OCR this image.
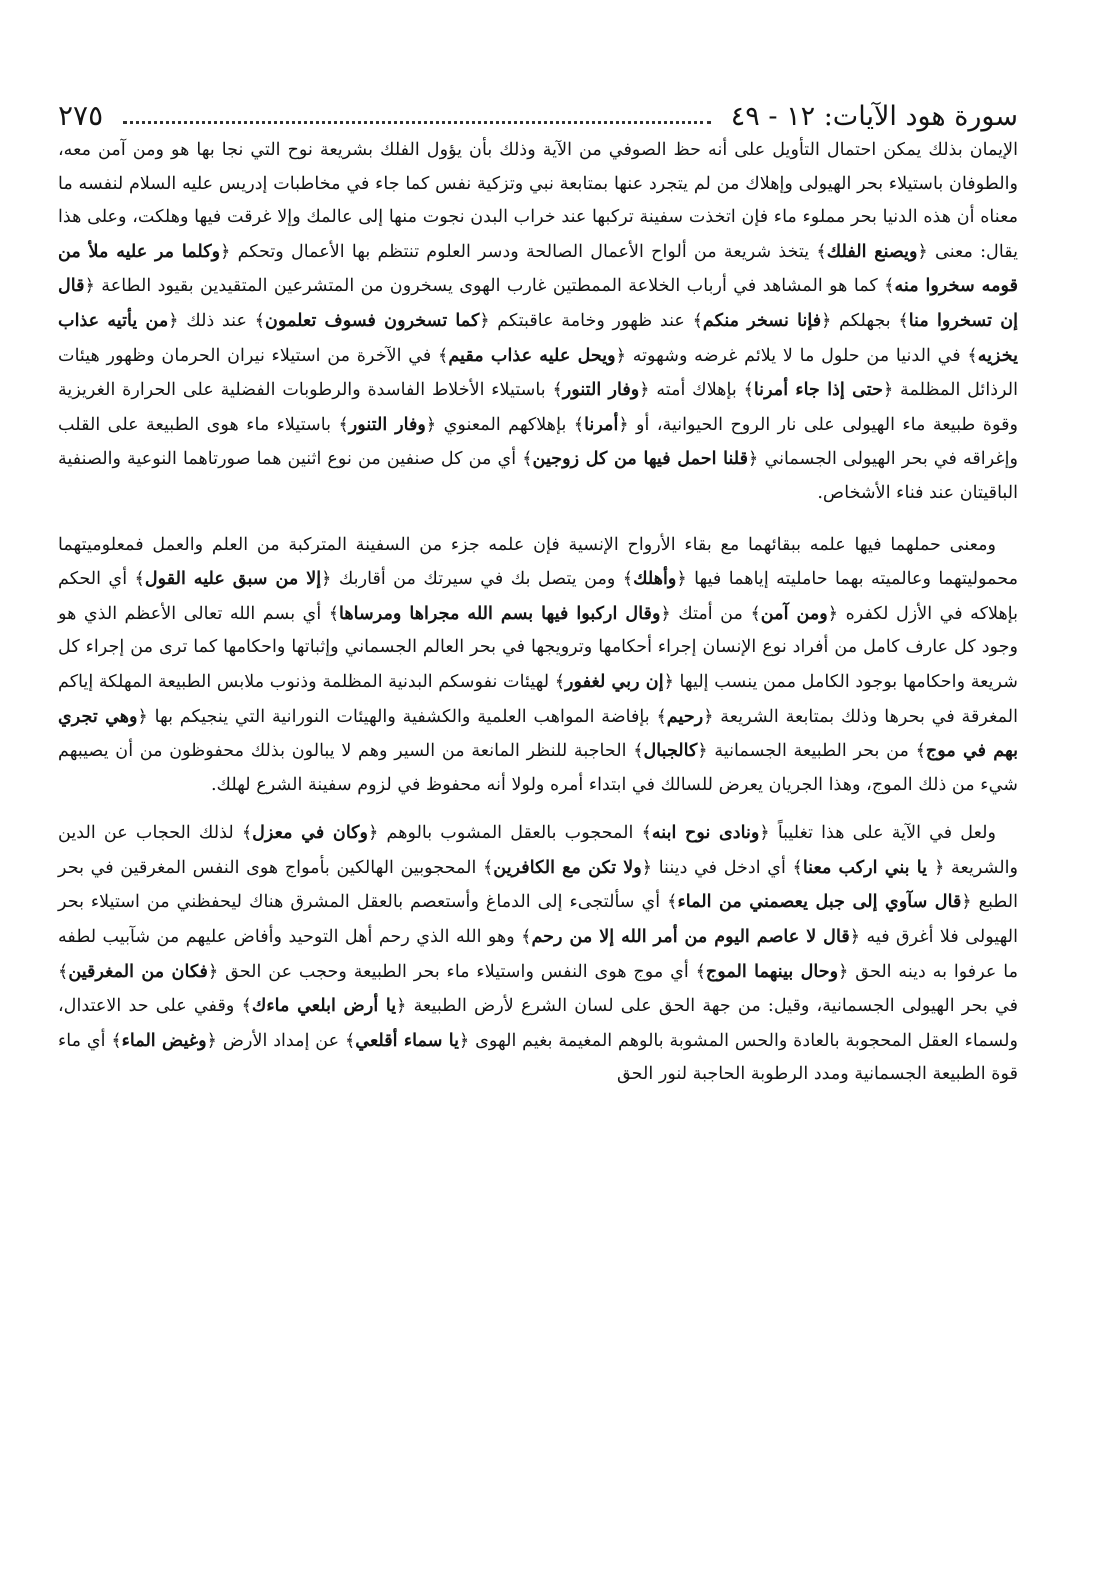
سورة هود الآيات: ١٢ - ٤٩
٢٧٥

الإيمان بذلك يمكن احتمال التأويل على أنه حظ الصوفي من الآية وذلك بأن يؤول الفلك بشريعة نوح التي نجا بها هو ومن آمن معه، والطوفان باستيلاء بحر الهيولى وإهلاك من لم يتجرد عنها بمتابعة نبي وتزكية نفس كما جاء في مخاطبات إدريس عليه السلام لنفسه ما معناه أن هذه الدنيا بحر مملوء ماء فإن اتخذت سفينة تركبها عند خراب البدن نجوت منها إلى عالمك وإلا غرقت فيها وهلكت، وعلى هذا يقال: معنى ﴿ويصنع الفلك﴾ يتخذ شريعة من ألواح الأعمال الصالحة ودسر العلوم تنتظم بها الأعمال وتحكم ﴿وكلما مر عليه ملأ من قومه سخروا منه﴾ كما هو المشاهد في أرباب الخلاعة الممطتين غارب الهوى يسخرون من المتشرعين المتقيدين بقيود الطاعة ﴿قال إن تسخروا منا﴾ بجهلكم ﴿فإنا نسخر منكم﴾ عند ظهور وخامة عاقبتكم ﴿كما تسخرون فسوف تعلمون﴾ عند ذلك ﴿من يأتيه عذاب يخزيه﴾ في الدنيا من حلول ما لا يلائم غرضه وشهوته ﴿ويحل عليه عذاب مقيم﴾ في الآخرة من استيلاء نيران الحرمان وظهور هيئات الرذائل المظلمة ﴿حتى إذا جاء أمرنا﴾ بإهلاك أمته ﴿وفار التنور﴾ باستيلاء الأخلاط الفاسدة والرطوبات الفضلية على الحرارة الغريزية وقوة طبيعة ماء الهيولى على نار الروح الحيوانية، أو ﴿أمرنا﴾ بإهلاكهم المعنوي ﴿وفار التنور﴾ باستيلاء ماء هوى الطبيعة على القلب وإغراقه في بحر الهيولى الجسماني ﴿قلنا احمل فيها من كل زوجين﴾ أي من كل صنفين من نوع اثنين هما صورتاهما النوعية والصنفية الباقيتان عند فناء الأشخاص.

ومعنى حملهما فيها علمه ببقائهما مع بقاء الأرواح الإنسية فإن علمه جزء من السفينة المتركبة من العلم والعمل فمعلوميتهما محموليتهما وعالميته بهما حامليته إياهما فيها ﴿وأهلك﴾ ومن يتصل بك في سيرتك من أقاربك ﴿إلا من سبق عليه القول﴾ أي الحكم بإهلاكه في الأزل لكفره ﴿ومن آمن﴾ من أمتك ﴿وقال اركبوا فيها بسم الله مجراها ومرساها﴾ أي بسم الله تعالى الأعظم الذي هو وجود كل عارف كامل من أفراد نوع الإنسان إجراء أحكامها وترويجها في بحر العالم الجسماني وإثباتها واحكامها كما ترى من إجراء كل شريعة واحكامها بوجود الكامل ممن ينسب إليها ﴿إن ربي لغفور﴾ لهيئات نفوسكم البدنية المظلمة وذنوب ملابس الطبيعة المهلكة إياكم المغرقة في بحرها وذلك بمتابعة الشريعة ﴿رحيم﴾ بإفاضة المواهب العلمية والكشفية والهيئات النورانية التي ينجيكم بها ﴿وهي تجري بهم في موج﴾ من بحر الطبيعة الجسمانية ﴿كالجبال﴾ الحاجبة للنظر المانعة من السير وهم لا يبالون بذلك محفوظون من أن يصيبهم شيء من ذلك الموج، وهذا الجريان يعرض للسالك في ابتداء أمره ولولا أنه محفوظ في لزوم سفينة الشرع لهلك.

ولعل في الآية على هذا تغليباً ﴿ونادى نوح ابنه﴾ المحجوب بالعقل المشوب بالوهم ﴿وكان في معزل﴾ لذلك الحجاب عن الدين والشريعة ﴿ يا بني اركب معنا﴾ أي ادخل في ديننا ﴿ولا تكن مع الكافرين﴾ المحجوبين الهالكين بأمواج هوى النفس المغرقين في بحر الطبع ﴿قال سآوي إلى جبل يعصمني من الماء﴾ أي سألتجىء إلى الدماغ وأستعصم بالعقل المشرق هناك ليحفظني من استيلاء بحر الهيولى فلا أغرق فيه ﴿قال لا عاصم اليوم من أمر الله إلا من رحم﴾ وهو الله الذي رحم أهل التوحيد وأفاض عليهم من شآبيب لطفه ما عرفوا به دينه الحق ﴿وحال بينهما الموج﴾ أي موج هوى النفس واستيلاء ماء بحر الطبيعة وحجب عن الحق ﴿فكان من المغرقين﴾ في بحر الهيولى الجسمانية، وقيل: من جهة الحق على لسان الشرع لأرض الطبيعة ﴿يا أرض ابلعي ماءك﴾ وقفي على حد الاعتدال، ولسماء العقل المحجوبة بالعادة والحس المشوبة بالوهم المغيمة بغيم الهوى ﴿يا سماء أقلعي﴾ عن إمداد الأرض ﴿وغيض الماء﴾ أي ماء قوة الطبيعة الجسمانية ومدد الرطوبة الحاجبة لنور الحق
